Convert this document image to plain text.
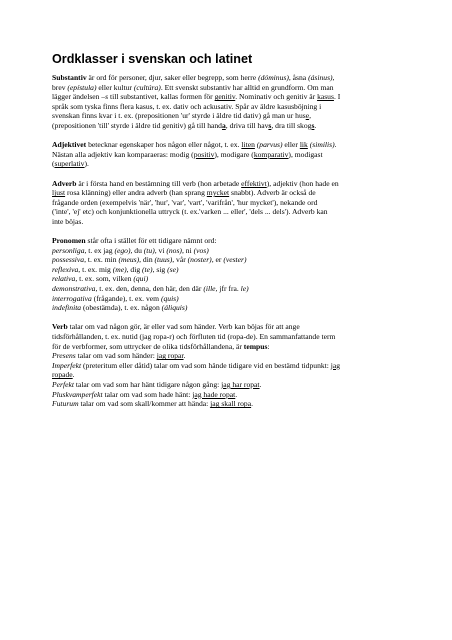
Ordklasser i svenskan och latinet

Substantiv är ord för personer, djur, saker eller begrepp, som herre (dóminus), åsna (ásinus),
brev (epístula) eller kultur (cultúra). Ett svenskt substantiv har alltid en grundform. Om man
lägger ändelsen –s till substantivet, kallas formen för genitiv. Nominativ och genitiv är kasus. I
språk som tyska finns flera kasus, t. ex. dativ och ackusativ. Spår av äldre kasusböjning i
svenskan finns kvar i t. ex. (prepositionen 'ur' styrde i äldre tid dativ) gå man ur huse,
(prepositionen 'till' styrde i äldre tid genitiv) gå till handa, driva till havs, dra till skogs.

Adjektivet betecknar egenskaper hos någon eller något, t. ex. liten (parvus) eller lik (similis).
Nästan alla adjektiv kan komparaeras: modig (positiv), modigare (komparativ), modigast
(superlativ).

Adverb är i första hand en bestämning till verb (hon arbetade effektivt), adjektiv (hon hade en
ljust rosa klänning) eller andra adverb (han sprang mycket snabbt). Adverb är också de
frågande orden (exempelvis 'när', 'hur', 'var', 'vart', 'varifrån', 'hur mycket'), nekande ord
('inte', 'ej' etc) och konjunktionella uttryck (t. ex.'varken ... eller', 'dels ... dels'). Adverb kan
inte böjas.

Pronomen står ofta i stället för ett tidigare nämnt ord:
personliga, t. ex jag (ego), du (tu), vi (nos), ni (vos)
possessiva, t. ex. min (meus), din (tuus), vår (noster), er (vester)
reflexiva, t. ex. mig (me), dig (te), sig (se)
relativa, t. ex. som, vilken (qui)
demonstrativa, t. ex. den, denna, den här, den där (ille, jfr fra. le)
interrogativa (frågande), t. ex. vem (quis)
indefinita (obestämda), t. ex. någon (áliquis)

Verb talar om vad någon gör, är eller vad som händer. Verb kan böjas för att ange
tidsförhållanden, t. ex. nutid (jag ropa-r) och förfluten tid (ropa-de). En sammanfattande term
för de verbformer, som uttrycker de olika tidsförhållandena, är tempus:
Presens talar om vad som händer: jag ropar.
Imperfekt (preteritum eller dåtid) talar om vad som hände tidigare vid en bestämd tidpunkt: jag
ropade.
Perfekt talar om vad som har hänt tidigare någon gång: jag har ropat.
Pluskvamperfekt talar om vad som hade hänt: jag hade ropat.
Futurum talar om vad som skall/kommer att hända: jag skall ropa.
